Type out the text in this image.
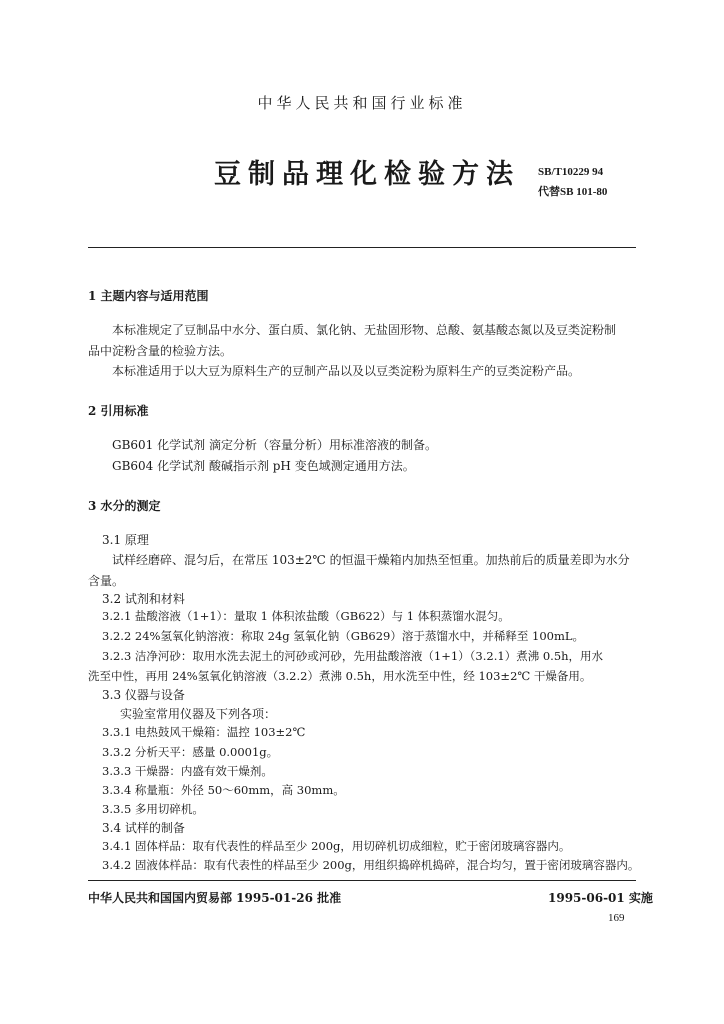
中华人民共和国行业标准
豆制品理化检验方法 SB/T10229 94
代替SB 101-80
1 主题内容与适用范围
本标准规定了豆制品中水分、蛋白质、氯化钠、无盐固形物、总酸、氨基酸态氮以及豆类淀粉制
品中淀粉含量的检验方法。
本标准适用于以大豆为原料生产的豆制产品以及以豆类淀粉为原料生产的豆类淀粉产品。
2 引用标准
GB601 化学试剂 滴定分析（容量分析）用标准溶液的制备。
GB604 化学试剂 酸碱指示剂 pH 变色域测定通用方法。
3 水分的测定
3.1 原理
试样经磨碎、混匀后，在常压 103±2℃ 的恒温干燥箱内加热至恒重。加热前后的质量差即为水分
含量。
3.2 试剂和材料
3.2.1 盐酸溶液（1+1）：量取 1 体积浓盐酸（GB622）与 1 体积蒸馏水混匀。
3.2.2 24%氢氧化钠溶液：称取 24g 氢氧化钠（GB629）溶于蒸馏水中，并稀释至 100mL。
3.2.3 洁净河砂：取用水洗去泥土的河砂或河砂，先用盐酸溶液（1+1）（3.2.1）煮沸 0.5h，用水
洗至中性，再用 24%氢氧化钠溶液（3.2.2）煮沸 0.5h，用水洗至中性，经 103±2℃ 干燥备用。
3.3 仪器与设备
实验室常用仪器及下列各项：
3.3.1 电热鼓风干燥箱：温控 103±2℃
3.3.2 分析天平：感量 0.0001g。
3.3.3 干燥器：内盛有效干燥剂。
3.3.4 称量瓶：外径 50～60mm，高 30mm。
3.3.5 多用切碎机。
3.4 试样的制备
3.4.1 固体样品：取有代表性的样品至少 200g，用切碎机切成细粒，贮于密闭玻璃容器内。
3.4.2 固液体样品：取有代表性的样品至少 200g，用组织捣碎机捣碎，混合均匀，置于密闭玻璃容器内。
中华人民共和国国内贸易部 1995-01-26 批准	1995-06-01 实施
169
